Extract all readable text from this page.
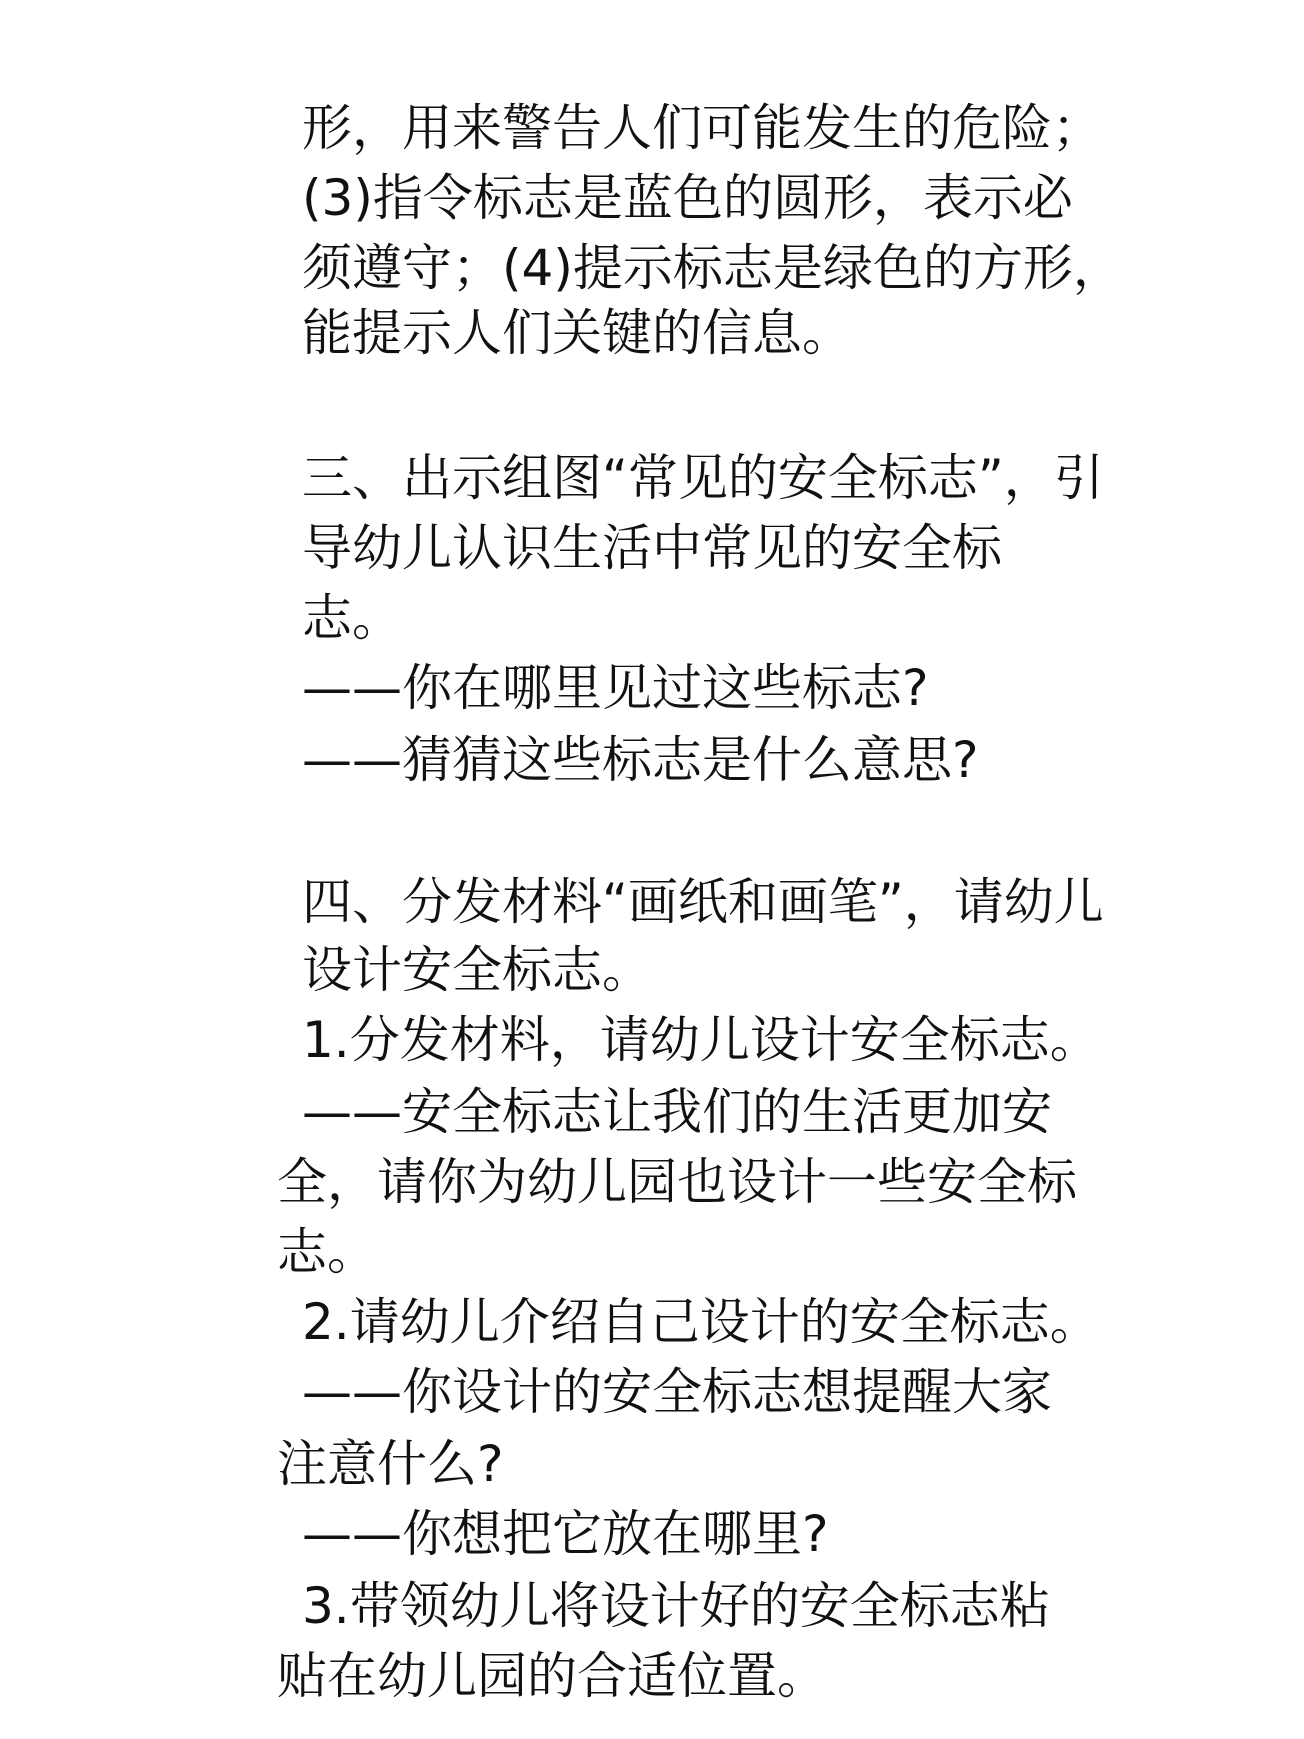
形，用来警告人们可能发生的危险；
(3)指令标志是蓝色的圆形，表示必
须遵守；(4)提示标志是绿色的方形，
能提示人们关键的信息。
三、出示组图“常见的安全标志”，引
导幼儿认识生活中常见的安全标
志。
——你在哪里见过这些标志?
——猜猜这些标志是什么意思?
四、分发材料“画纸和画笔”，请幼儿
设计安全标志。
1.分发材料，请幼儿设计安全标志。
——安全标志让我们的生活更加安
全，请你为幼儿园也设计一些安全标
志。
2.请幼儿介绍自己设计的安全标志。
——你设计的安全标志想提醒大家
注意什么?
——你想把它放在哪里?
3.带领幼儿将设计好的安全标志粘
贴在幼儿园的合适位置。
